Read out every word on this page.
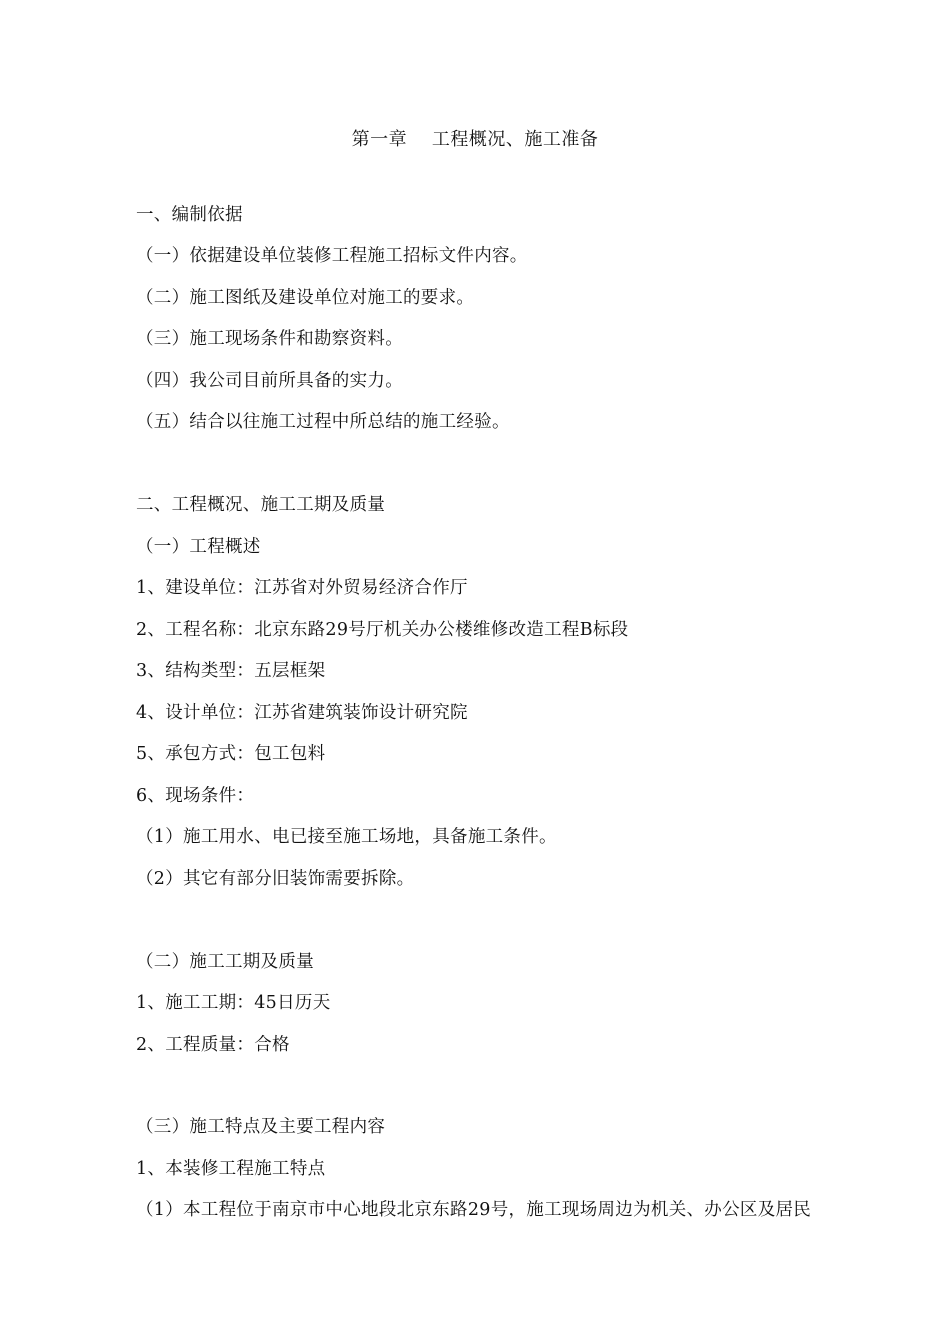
第一章　 工程概况、施工准备
一、编制依据
（一）依据建设单位装修工程施工招标文件内容。
（二）施工图纸及建设单位对施工的要求。
（三）施工现场条件和勘察资料。
（四）我公司目前所具备的实力。
（五）结合以往施工过程中所总结的施工经验。
二、工程概况、施工工期及质量
（一）工程概述
1、建设单位：江苏省对外贸易经济合作厅
2、工程名称：北京东路29号厅机关办公楼维修改造工程B标段
3、结构类型：五层框架
4、设计单位：江苏省建筑装饰设计研究院
5、承包方式：包工包料
6、现场条件：
（1）施工用水、电已接至施工场地，具备施工条件。
（2）其它有部分旧装饰需要拆除。
（二）施工工期及质量
1、施工工期：45日历天
2、工程质量：合格
（三）施工特点及主要工程内容
1、本装修工程施工特点
（1）本工程位于南京市中心地段北京东路29号，施工现场周边为机关、办公区及居民
